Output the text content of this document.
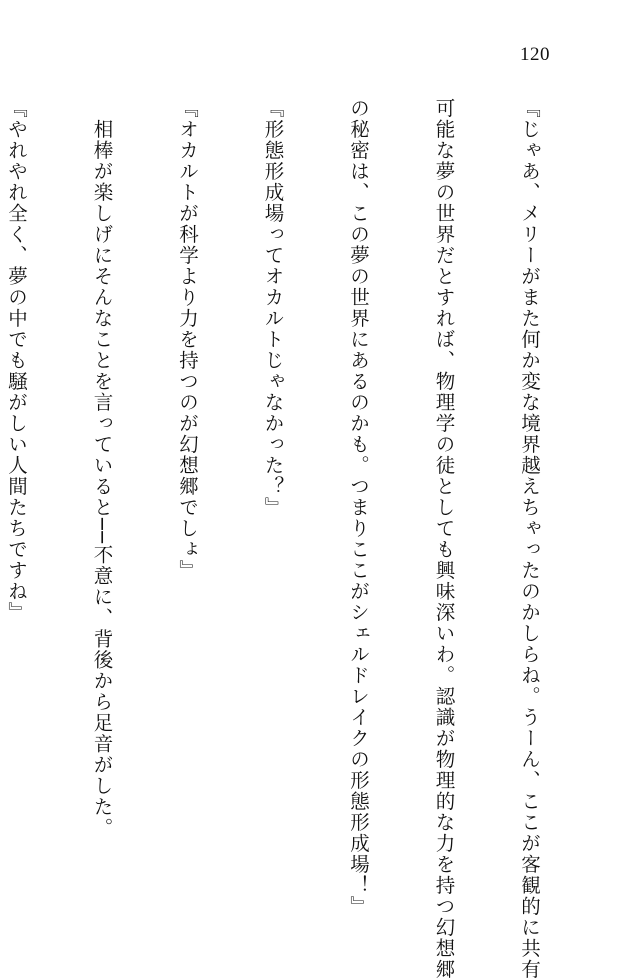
120

『じゃあ、メリーがまた何か変な境界越えちゃったのかしらね。うーん、ここが客観的に共有

可能な夢の世界だとすれば、物理学の徒としても興味深いわ。認識が物理的な力を持つ幻想郷

の秘密は、この夢の世界にあるのかも。つまりここがシェルドレイクの形態形成場！』

『形態形成場ってオカルトじゃなかった？』

『オカルトが科学より力を持つのが幻想郷でしょ』

　相棒が楽しげにそんなことを言っていると──不意に、背後から足音がした。

『やれやれ全く、夢の中でも騒がしい人間たちですね』
